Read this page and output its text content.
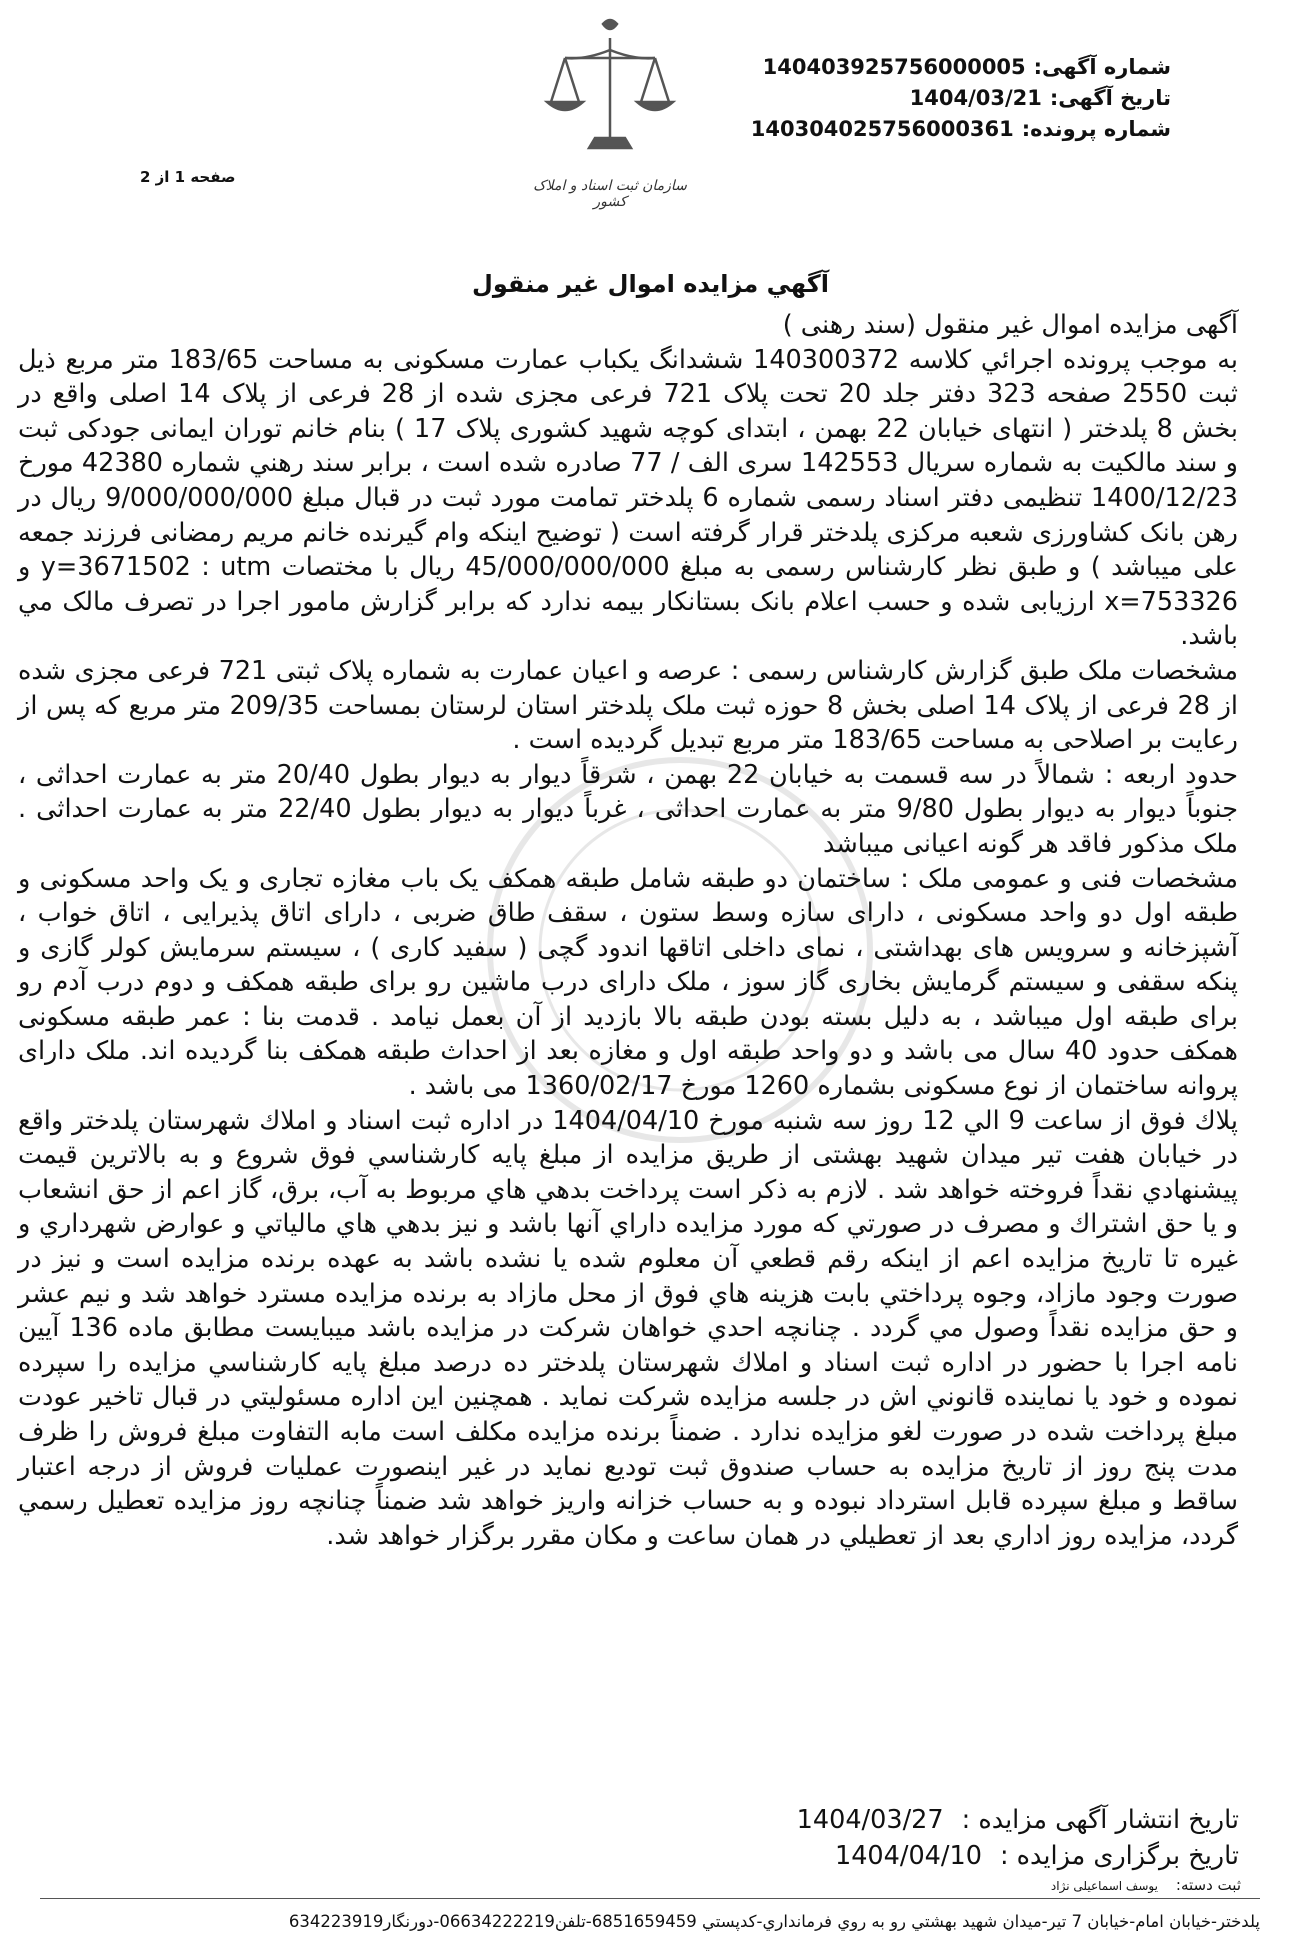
شماره آگهی:140403925756000005
تاریخ آگهی:1404/03/21
شماره پرونده:140304025756000361
صفحه 1 از 2	سازمان ثبت اسناد و املاک کشور
آگهي مزايده اموال غير منقول

آگهی مزایده اموال غیر منقول (سند رهنی )

به موجب پرونده اجرائي كلاسه 140300372 ششدانگ یکباب عمارت مسکونی به مساحت 183/65 متر مربع ذیل ثبت 2550 صفحه 323 دفتر جلد 20 تحت پلاک 721 فرعی مجزی شده از 28 فرعی از پلاک 14 اصلی واقع در بخش 8 پلدختر ( انتهای خیابان 22 بهمن ، ابتدای کوچه شهید کشوری پلاک 17 ) بنام خانم توران ایمانی جودکی ثبت و سند مالکیت به شماره سریال 142553 سری الف / 77 صادره شده است ، برابر سند رهني شماره 42380 مورخ 1400/12/23 تنظیمی دفتر اسناد رسمی شماره 6 پلدختر تمامت مورد ثبت در قبال مبلغ 9/000/000/000 ریال در رهن بانک کشاورزی شعبه مرکزی پلدختر قرار گرفته است ( توضیح اینکه وام گیرنده خانم مریم رمضانی فرزند جمعه علی میباشد ) و طبق نظر کارشناس رسمی به مبلغ 45/000/000/000 ریال با مختصات y=3671502 : utm و x=753326 ارزیابی شده و حسب اعلام بانک بستانکار بیمه ندارد که برابر گزارش مامور اجرا در تصرف مالک مي باشد.

مشخصات ملک طبق گزارش کارشناس رسمی : عرصه و اعیان عمارت به شماره پلاک ثبتی 721 فرعی مجزی شده از 28 فرعی از پلاک 14 اصلی بخش 8 حوزه ثبت ملک پلدختر استان لرستان بمساحت 209/35 متر مربع که پس از رعایت بر اصلاحی به مساحت 183/65 متر مربع تبدیل گردیده است .

حدود اربعه : شمالاً در سه قسمت به خیابان 22 بهمن ، شرقاً دیوار به دیوار بطول 20/40 متر به عمارت احداثی ، جنوباً دیوار به دیوار بطول 9/80 متر به عمارت احداثی ، غرباً دیوار به دیوار بطول 22/40 متر به عمارت احداثی . ملک مذکور فاقد هر گونه اعیانی میباشد

مشخصات فنی و عمومی ملک : ساختمان دو طبقه شامل طبقه همکف یک باب مغازه تجاری و یک واحد مسکونی و طبقه اول دو واحد مسکونی ، دارای سازه وسط ستون ، سقف طاق ضربی ، دارای اتاق پذیرایی ، اتاق خواب ، آشپزخانه و سرویس های بهداشتی ، نمای داخلی اتاقها اندود گچی ( سفید کاری ) ، سیستم سرمایش کولر گازی و پنکه سقفی و سیستم گرمایش بخاری گاز سوز ، ملک دارای درب ماشین رو برای طبقه همکف و دوم درب آدم رو برای طبقه اول میباشد ، به دلیل بسته بودن طبقه بالا بازدید از آن بعمل نیامد . قدمت بنا : عمر طبقه مسکونی همکف حدود 40 سال می باشد و دو واحد طبقه اول و مغازه بعد از احداث طبقه همکف بنا گردیده اند. ملک دارای پروانه ساختمان از نوع مسکونی بشماره 1260 مورخ 1360/02/17 می باشد .

پلاك فوق از ساعت 9 الي 12 روز سه شنبه مورخ 1404/04/10 در اداره ثبت اسناد و املاك شهرستان پلدختر واقع در خیابان هفت تیر میدان شهید بهشتی از طريق مزايده از مبلغ پايه كارشناسي فوق شروع و به بالاترين قيمت پيشنهادي نقداً فروخته خواهد شد . لازم به ذكر است پرداخت بدهي هاي مربوط به آب، برق، گاز اعم از حق انشعاب و يا حق اشتراك و مصرف در صورتي كه مورد مزايده داراي آنها باشد و نيز بدهي هاي مالياتي و عوارض شهرداري و غيره تا تاريخ مزايده اعم از اينكه رقم قطعي آن معلوم شده يا نشده باشد به عهده برنده مزايده است و نيز در صورت وجود مازاد، وجوه پرداختي بابت هزينه هاي فوق از محل مازاد به برنده مزايده مسترد خواهد شد و نيم عشر و حق مزايده نقداً وصول مي گردد . چنانچه احدي خواهان شركت در مزايده باشد میبایست مطابق ماده 136 آيين نامه اجرا با حضور در اداره ثبت اسناد و املاك شهرستان پلدختر ده درصد مبلغ پايه كارشناسي مزايده را سپرده نموده و خود يا نماينده قانوني اش در جلسه مزايده شركت نمايد . همچنين اين اداره مسئوليتي در قبال تاخير عودت مبلغ پرداخت شده در صورت لغو مزايده ندارد . ضمناً برنده مزايده مكلف است مابه التفاوت مبلغ فروش را ظرف مدت پنج روز از تاريخ مزايده به حساب صندوق ثبت توديع نمايد در غير اينصورت عمليات فروش از درجه اعتبار ساقط و مبلغ سپرده قابل استرداد نبوده و به حساب خزانه واريز خواهد شد ضمناً چنانچه روز مزايده تعطيل رسمي گردد، مزايده روز اداري بعد از تعطيلي در همان ساعت و مكان مقرر برگزار خواهد شد.

تاريخ انتشار آگهی مزایده :1404/03/27
تاريخ برگزاری مزایده :1404/04/10
ثبت دسته:یوسف اسماعیلی نژاد
پلدختر-خیابان امام-خیابان 7 تیر-میدان شهید بهشتي رو به روي فرمانداري-کدپستي 6851659459-تلفن06634222219-دورنگار634223919
